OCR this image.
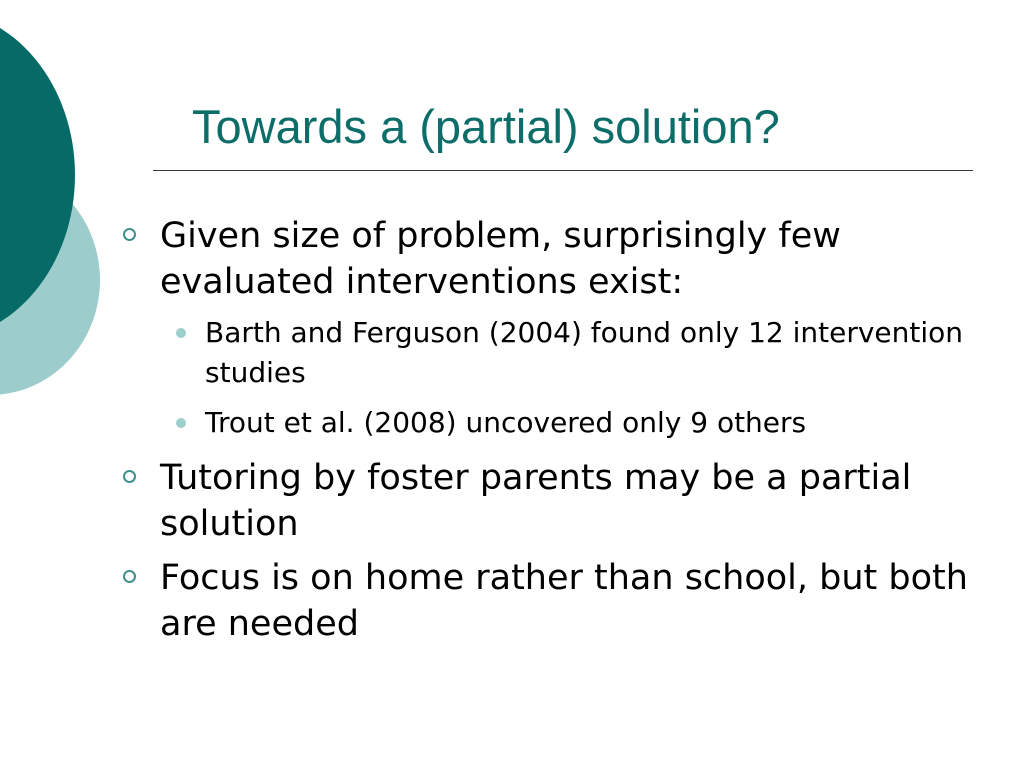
Towards a (partial) solution?
Given size of problem, surprisingly few evaluated interventions exist:
Barth and Ferguson (2004) found only 12 intervention studies
Trout et al. (2008) uncovered only 9 others
Tutoring by foster parents may be a partial solution
Focus is on home rather than school, but both are needed
